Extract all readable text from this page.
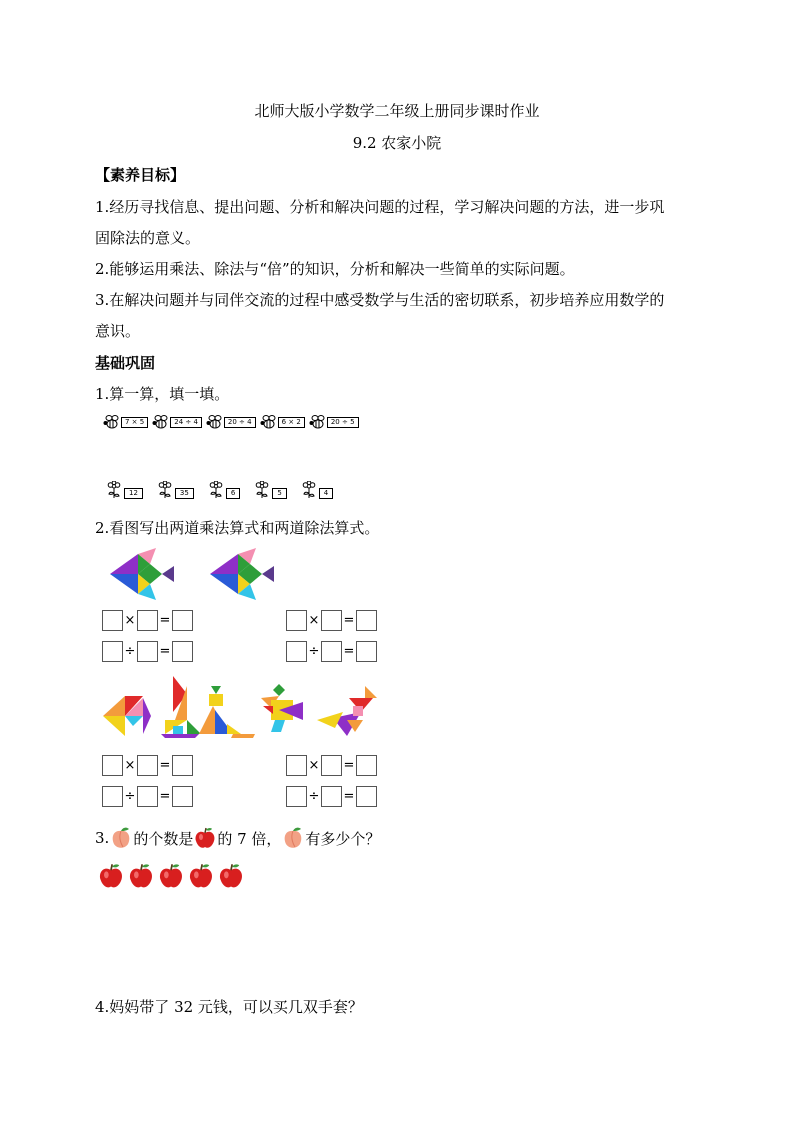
北师大版小学数学二年级上册同步课时作业
9.2 农家小院
【素养目标】
1.经历寻找信息、提出问题、分析和解决问题的过程，学习解决问题的方法，进一步巩
固除法的意义。
2.能够运用乘法、除法与“倍”的知识，分析和解决一些简单的实际问题。
3.在解决问题并与同伴交流的过程中感受数学与生活的密切联系，初步培养应用数学的
意识。
基础巩固
1.算一算，填一填。
7 × 5	24 ÷ 4	20 ÷ 4	6 × 2	20 ÷ 5
12	35	6	5	4
2.看图写出两道乘法算式和两道除法算式。
× =	× =
÷ =	÷ =
× =	× =
÷ =	÷ =
3. 的个数是 的 7 倍， 有多少个？
4.妈妈带了 32 元钱，可以买几双手套？
